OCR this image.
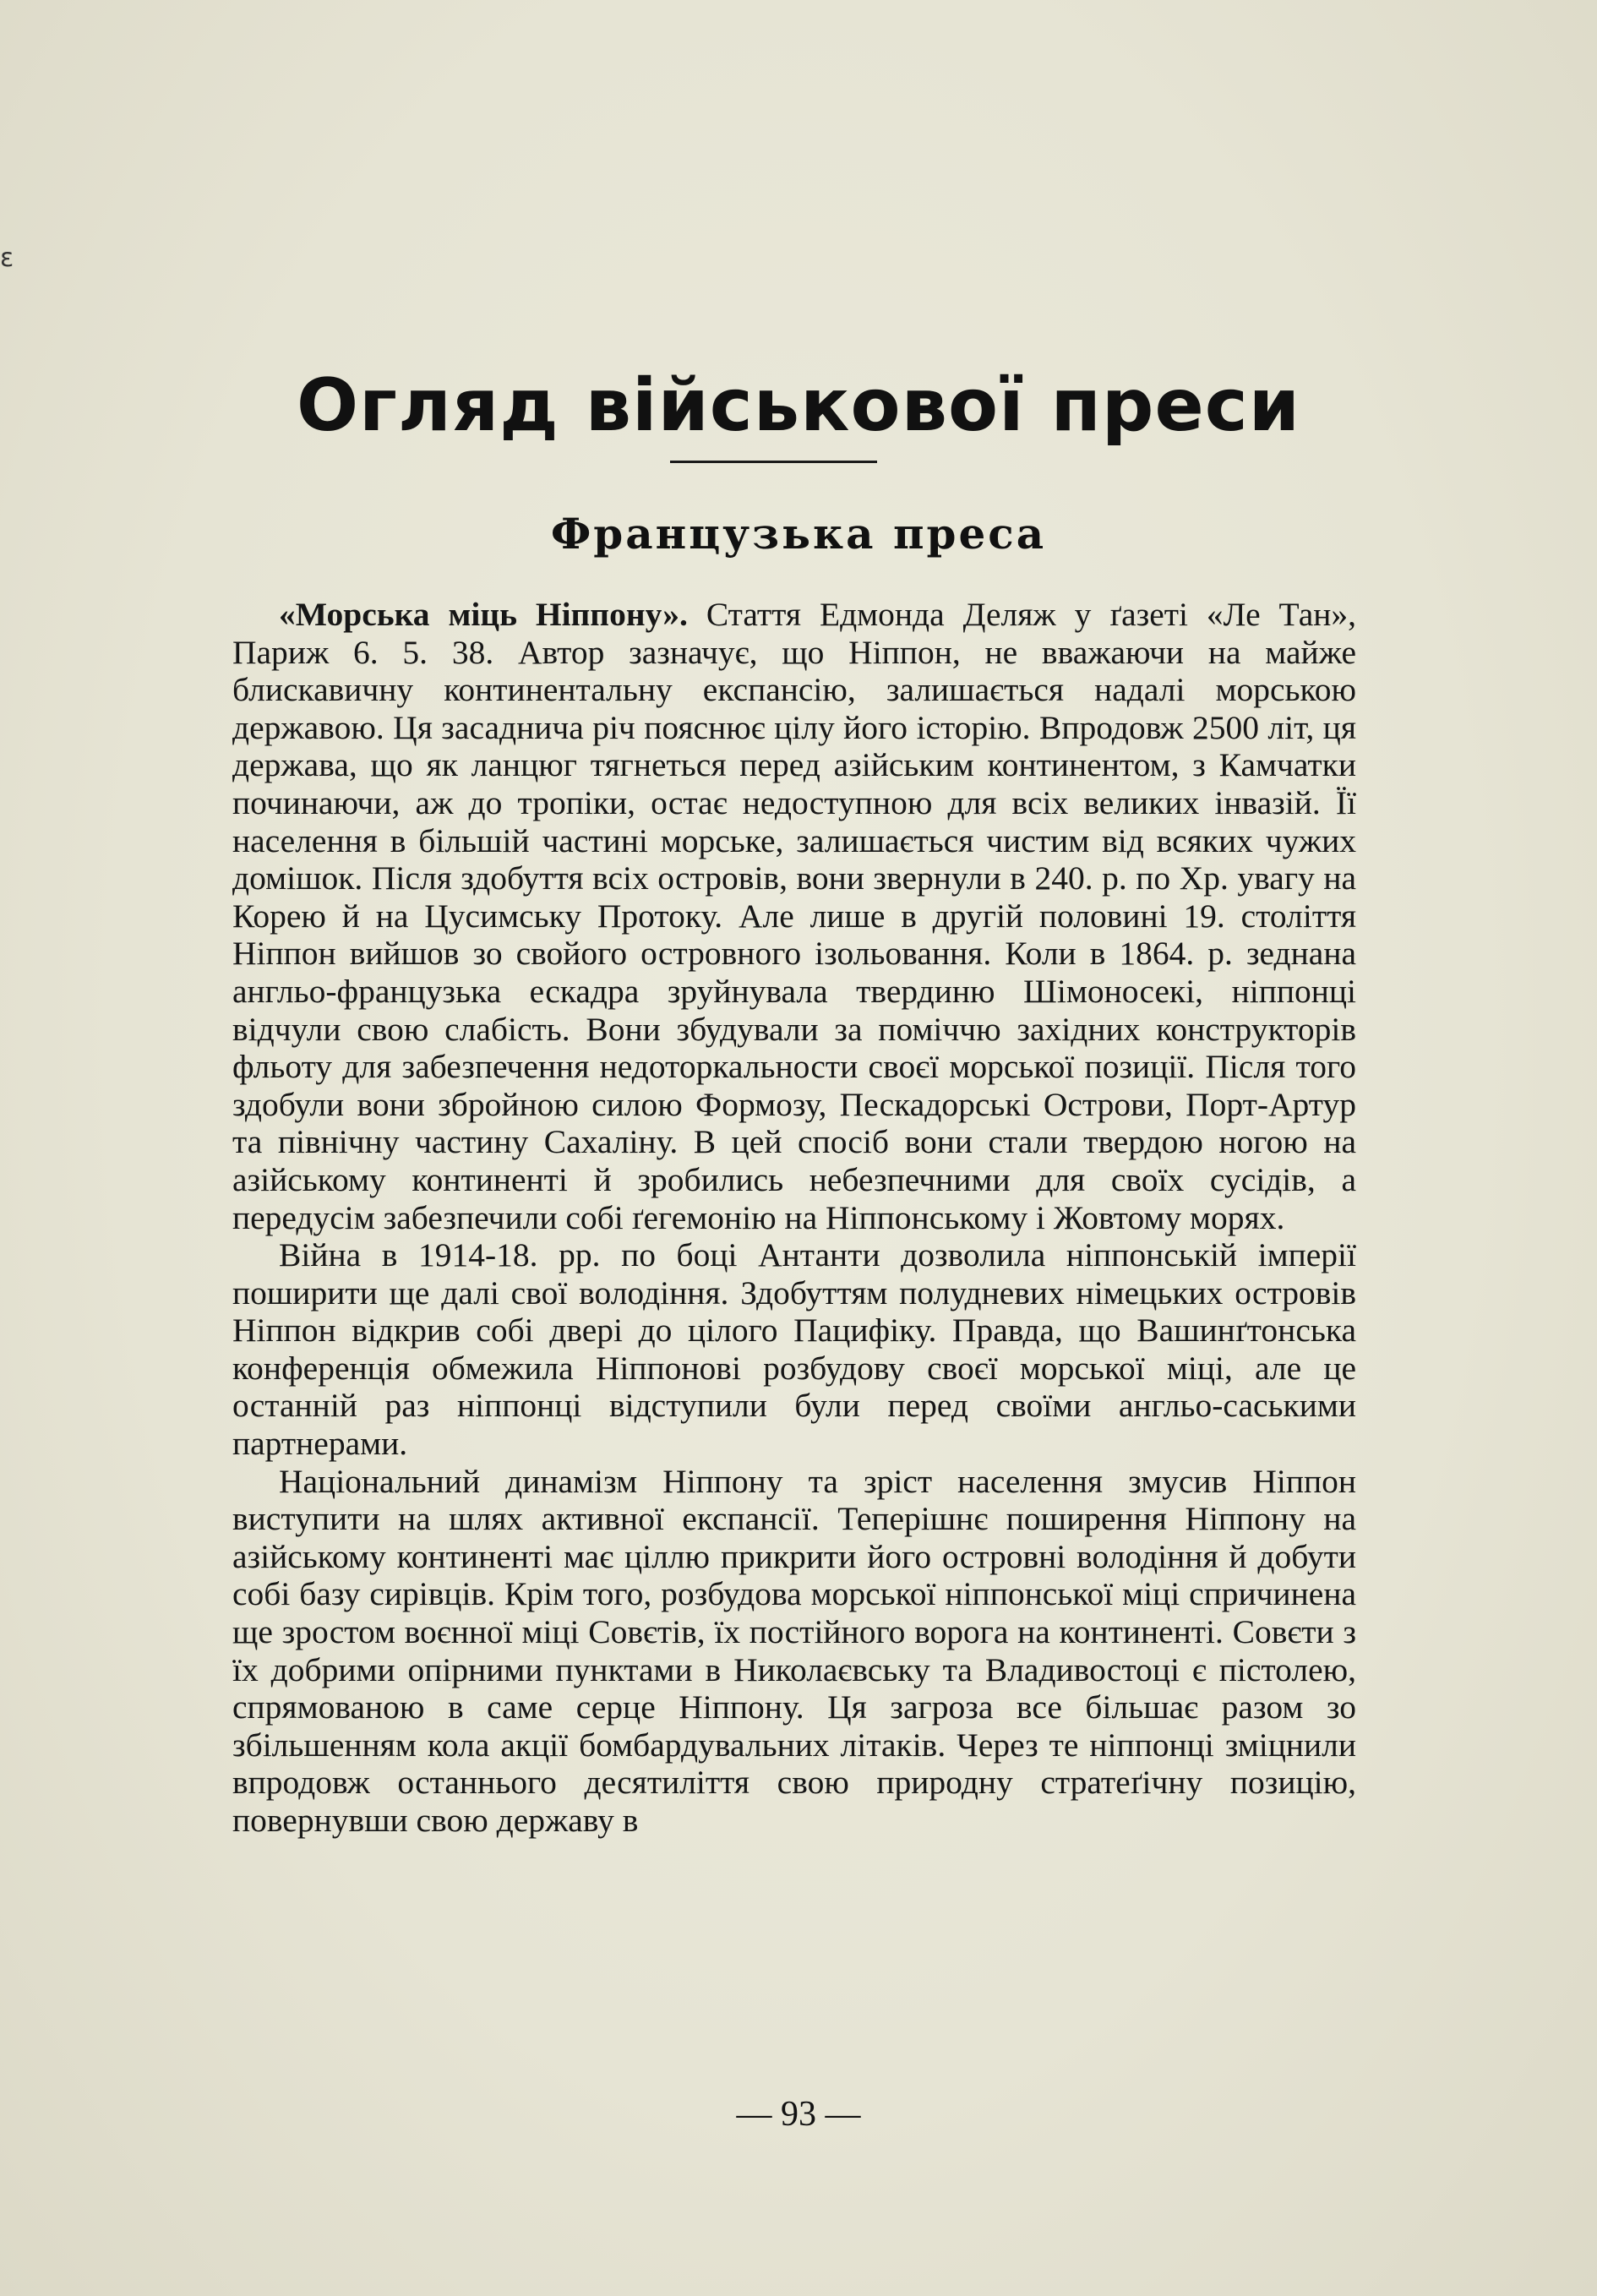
ɛ
Огляд військової преси
Французька преса

«Морська міць Ніппону». Стаття Едмонда Деляж у ґазеті «Ле Тан», Париж 6. 5. 38. Автор зазначує, що Ніппон, не вважаючи на майже блискавичну континентальну експансію, залишається надалі морською державою. Ця засаднича річ пояснює цілу його історію. Впродовж 2500 літ, ця держава, що як ланцюг тягнеться перед азійським континентом, з Камчатки починаючи, аж до тропіки, остає недоступною для всіх великих інвазій. Її населення в більшій частині морське, залишається чистим від всяких чужих домішок. Після здобуття всіх островів, вони звернули в 240. р. по Хр. увагу на Корею й на Цусимську Протоку. Але лише в другій половині 19. століття Ніппон вийшов зо свойого островного ізольовання. Коли в 1864. р. зеднана англьо-французька ескадра зруйнувала твердиню Шімоносекі, ніппонці відчули свою слабість. Вони збудували за поміччю західних конструкторів фльоту для забезпечення недоторкальности своєї морської позиції. Після того здобули вони збройною силою Формозу, Пескадорські Острови, Порт-Артур та північну частину Сахаліну. В цей спосіб вони стали твердою ногою на азійському континенті й зробились небезпечними для своїх сусідів, а передусім забезпечили собі ґегемонію на Ніппонському і Жовтому морях.

Війна в 1914-18. рр. по боці Антанти дозволила ніппонській імперії поширити ще далі свої володіння. Здобуттям полудневих німецьких островів Ніппон відкрив собі двері до цілого Пацифіку. Правда, що Вашинґтонська конференція обмежила Ніппонові розбудову своєї морської міці, але це останній раз ніппонці відступили були перед своїми англьо-саськими партнерами.

Національний динамізм Ніппону та зріст населення змусив Ніппон виступити на шлях активної експансії. Теперішнє поширення Ніппону на азійському континенті має ціллю прикрити його островні володіння й добути собі базу сирівців. Крім того, розбудова морської ніппонської міці спричинена ще зростом воєнної міці Совєтів, їх постійного ворога на континенті. Совєти з їх добрими опірними пунктами в Николаєвську та Владивостоці є пістолею, спрямованою в саме серце Ніппону. Ця загроза все більшає разом зо збільшенням кола акції бомбардувальних літаків. Через те ніппонці зміцнили впродовж останнього десятиліття свою природну стратеґічну позицію, повернувши свою державу в

— 93 —
